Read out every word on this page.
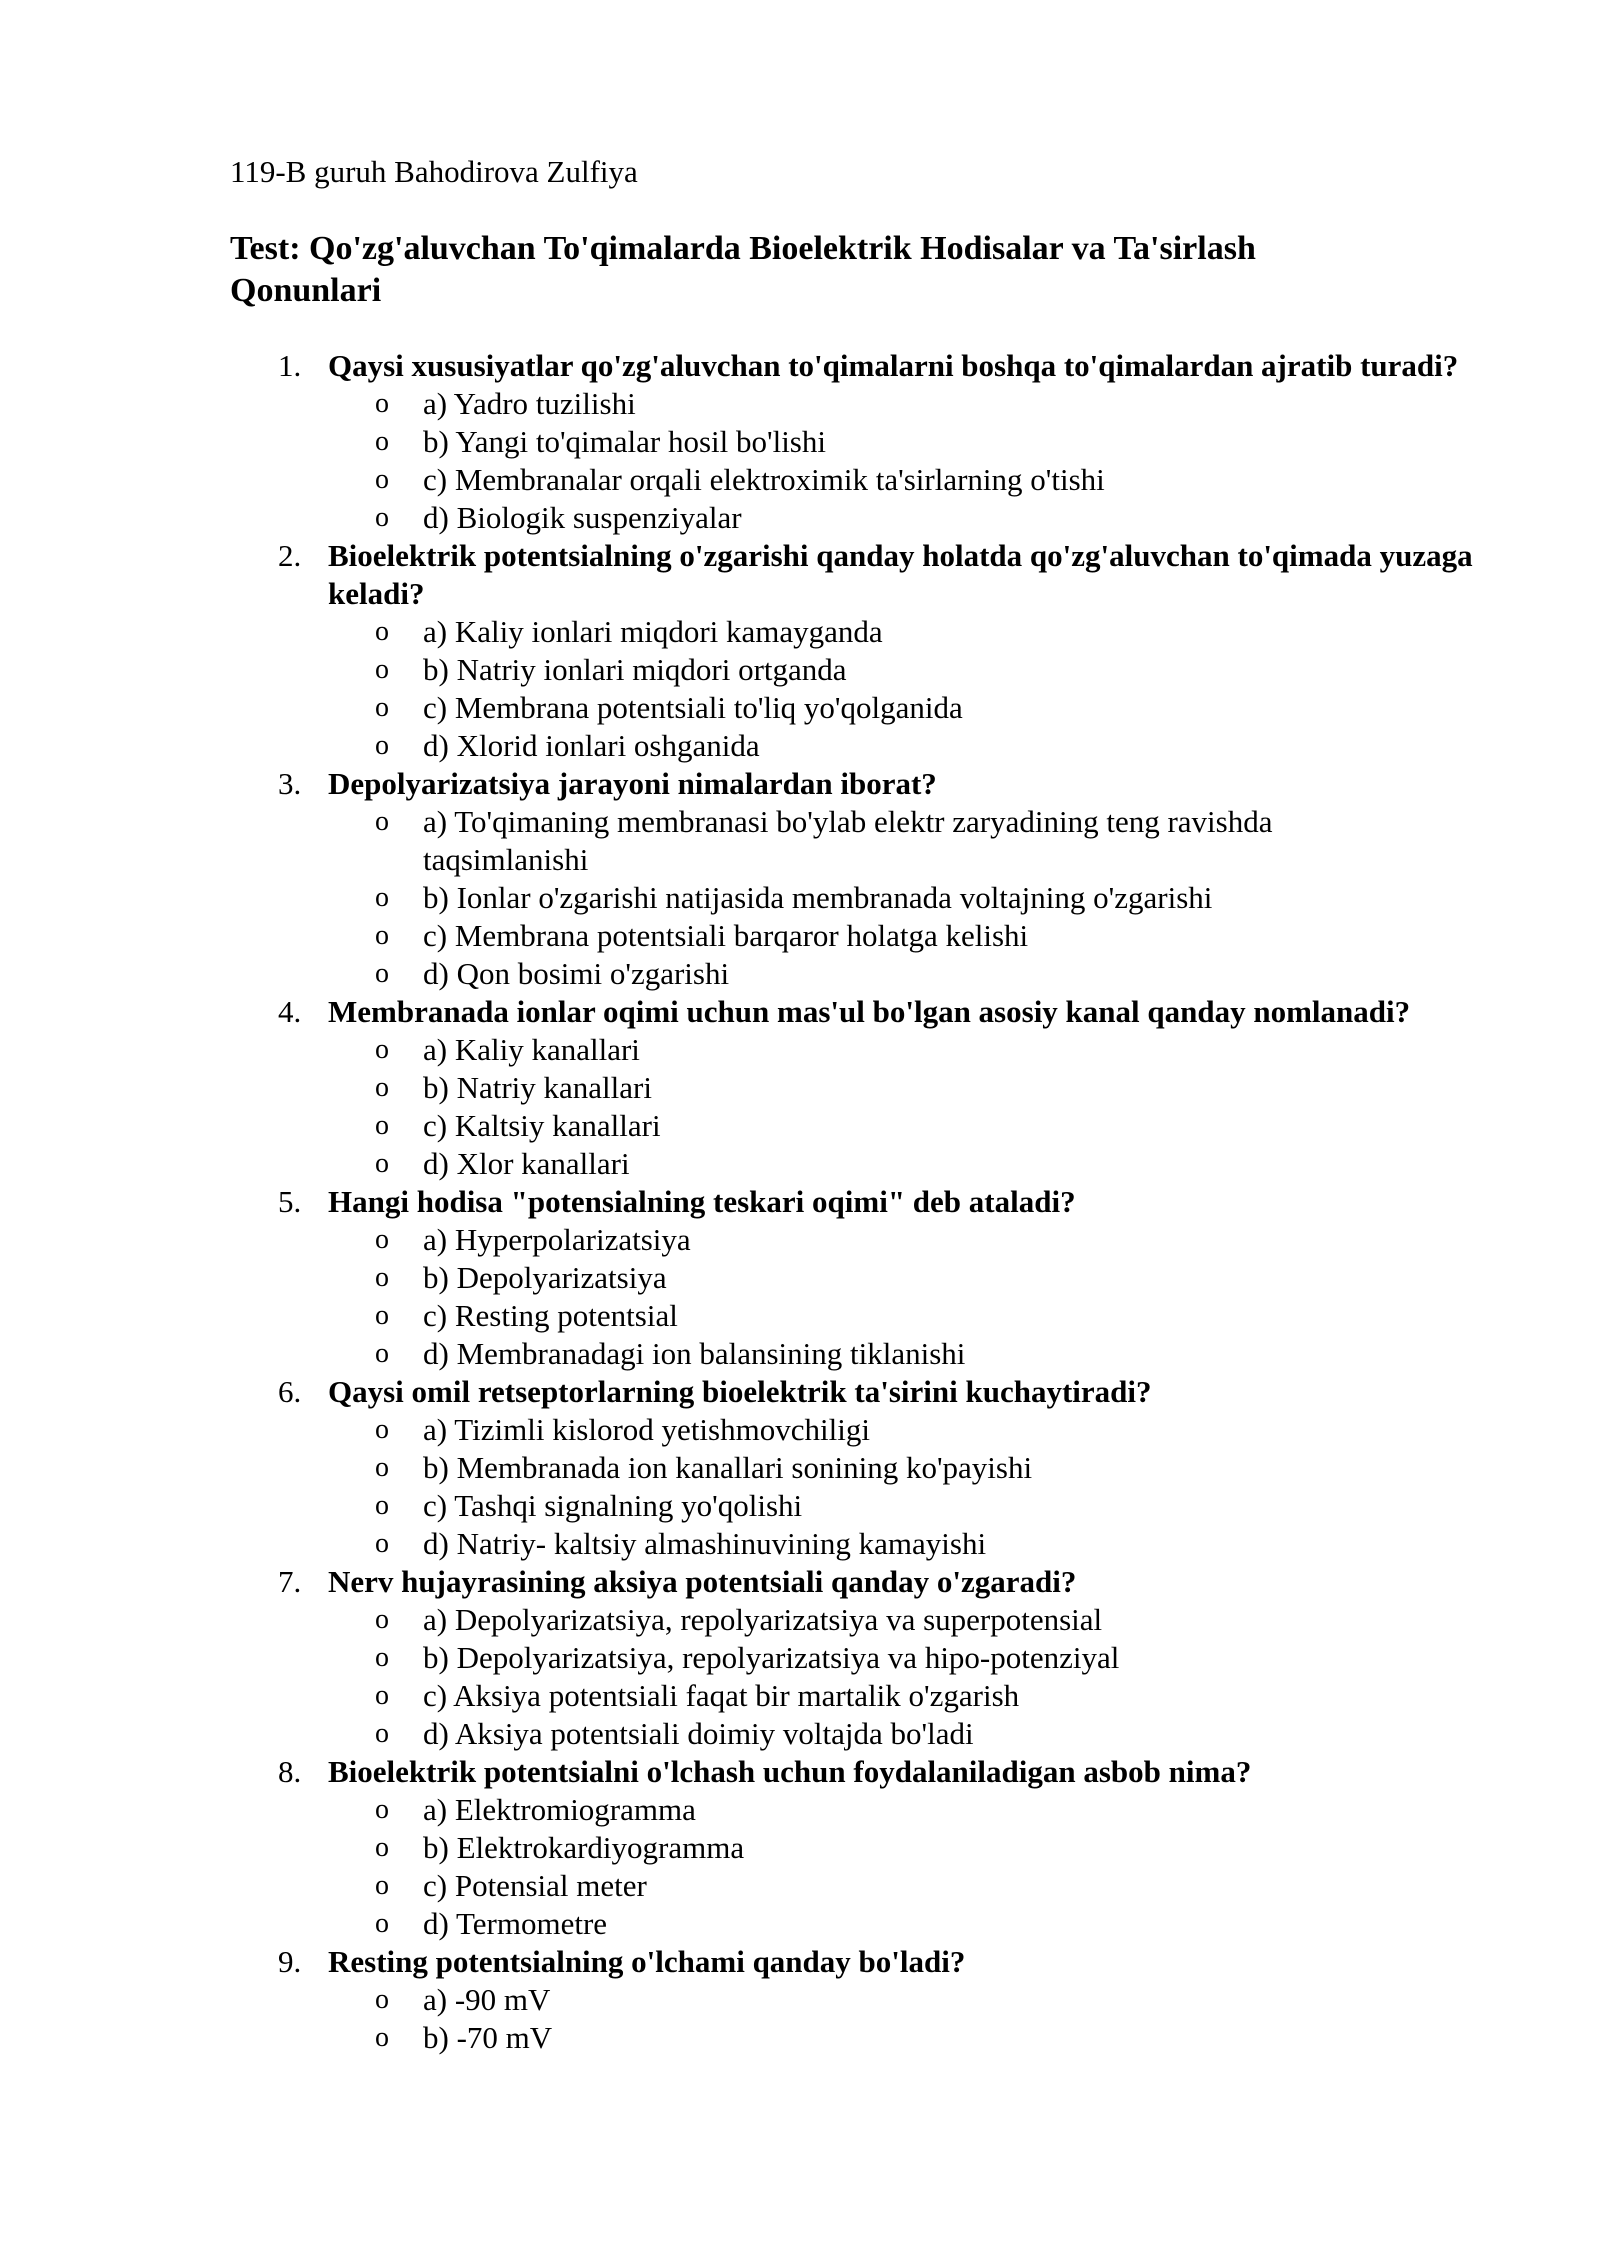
119-B guruh Bahodirova Zulfiya
Test: Qo'zg'aluvchan To'qimalarda Bioelektrik Hodisalar va Ta'sirlash Qonunlari
1. Qaysi xususiyatlar qo'zg'aluvchan to'qimalarni boshqa to'qimalardan ajratib turadi?
o a) Yadro tuzilishi
o b) Yangi to'qimalar hosil bo'lishi
o c) Membranalar orqali elektroximik ta'sirlarning o'tishi
o d) Biologik suspenziyalar
2. Bioelektrik potentsialning o'zgarishi qanday holatda qo'zg'aluvchan to'qimada yuzaga keladi?
o a) Kaliy ionlari miqdori kamayganda
o b) Natriy ionlari miqdori ortganda
o c) Membrana potentsiali to'liq yo'qolganida
o d) Xlorid ionlari oshganida
3. Depolyarizatsiya jarayoni nimalardan iborat?
o a) To'qimaning membranasi bo'ylab elektr zaryadining teng ravishda taqsimlanishi
o b) Ionlar o'zgarishi natijasida membranada voltajning o'zgarishi
o c) Membrana potentsiali barqaror holatga kelishi
o d) Qon bosimi o'zgarishi
4. Membranada ionlar oqimi uchun mas'ul bo'lgan asosiy kanal qanday nomlanadi?
o a) Kaliy kanallari
o b) Natriy kanallari
o c) Kaltsiy kanallari
o d) Xlor kanallari
5. Hangi hodisa "potensialning teskari oqimi" deb ataladi?
o a) Hyperpolarizatsiya
o b) Depolyarizatsiya
o c) Resting potentsial
o d) Membranadagi ion balansining tiklanishi
6. Qaysi omil retseptorlarning bioelektrik ta'sirini kuchaytiradi?
o a) Tizimli kislorod yetishmovchiligi
o b) Membranada ion kanallari sonining ko'payishi
o c) Tashqi signalning yo'qolishi
o d) Natriy- kaltsiy almashinuvining kamayishi
7. Nerv hujayrasining aksiya potentsiali qanday o'zgaradi?
o a) Depolyarizatsiya, repolyarizatsiya va superpotensial
o b) Depolyarizatsiya, repolyarizatsiya va hipo-potenziyal
o c) Aksiya potentsiali faqat bir martalik o'zgarish
o d) Aksiya potentsiali doimiy voltajda bo'ladi
8. Bioelektrik potentsialni o'lchash uchun foydalaniladigan asbob nima?
o a) Elektromiogramma
o b) Elektrokardiyogramma
o c) Potensial meter
o d) Termometre
9. Resting potentsialning o'lchami qanday bo'ladi?
o a) -90 mV
o b) -70 mV
